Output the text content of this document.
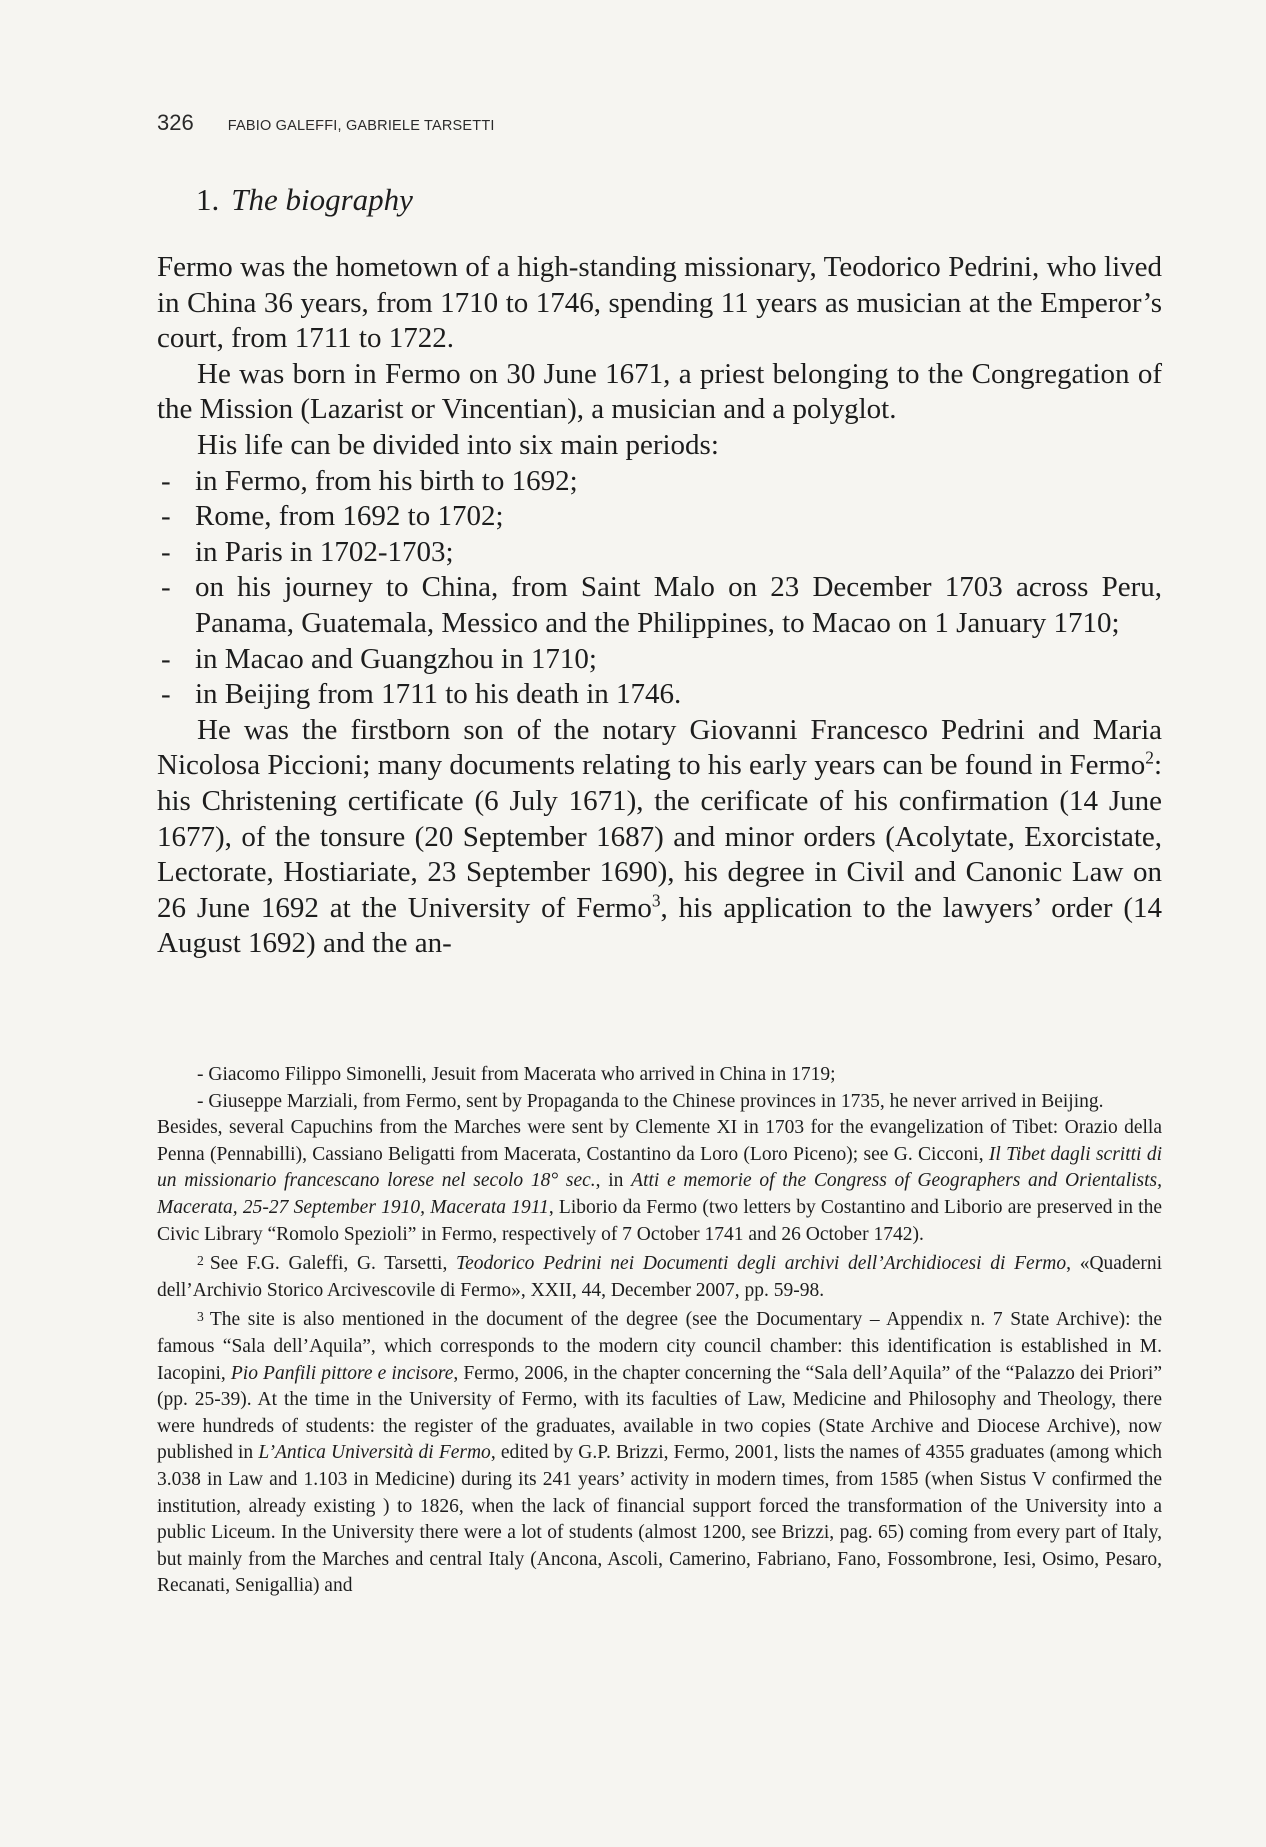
326 FABIO GALEFFI, GABRIELE TARSETTI
1. The biography

Fermo was the hometown of a high-standing missionary, Teodorico Pedrini, who lived in China 36 years, from 1710 to 1746, spending 11 years as musician at the Emperor’s court, from 1711 to 1722.

He was born in Fermo on 30 June 1671, a priest belonging to the Congregation of the Mission (Lazarist or Vincentian), a musician and a polyglot.

His life can be divided into six main periods:

- in Fermo, from his birth to 1692;
- Rome, from 1692 to 1702;
- in Paris in 1702-1703;
- on his journey to China, from Saint Malo on 23 December 1703 across Peru, Panama, Guatemala, Messico and the Philippines, to Macao on 1 January 1710;
- in Macao and Guangzhou in 1710;
- in Beijing from 1711 to his death in 1746.

He was the firstborn son of the notary Giovanni Francesco Pedrini and Maria Nicolosa Piccioni; many documents relating to his early years can be found in Fermo$^2$: his Christening certificate (6 July 1671), the cerificate of his confirmation (14 June 1677), of the tonsure (20 September 1687) and minor orders (Acolytate, Exorcistate, Lectorate, Hostiariate, 23 September 1690), his degree in Civil and Canonic Law on 26 June 1692 at the University of Fermo$^3$, his application to the lawyers’ order (14 August 1692) and the an-

- Giacomo Filippo Simonelli, Jesuit from Macerata who arrived in China in 1719;

- Giuseppe Marziali, from Fermo, sent by Propaganda to the Chinese provinces in 1735, he never arrived in Beijing.

Besides, several Capuchins from the Marches were sent by Clemente XI in 1703 for the evangelization of Tibet: Orazio della Penna (Pennabilli), Cassiano Beligatti from Macerata, Costantino da Loro (Loro Piceno); see G. Cicconi, Il Tibet dagli scritti di un missionario francescano lorese nel secolo 18° sec., in Atti e memorie of the Congress of Geographers and Orientalists, Macerata, 25-27 September 1910, Macerata 1911, Liborio da Fermo (two letters by Costantino and Liborio are preserved in the Civic Library “Romolo Spezioli” in Fermo, respectively of 7 October 1741 and 26 October 1742).

$^2$ See F.G. Galeffi, G. Tarsetti, Teodorico Pedrini nei Documenti degli archivi dell’Archidiocesi di Fermo, «Quaderni dell’Archivio Storico Arcivescovile di Fermo», XXII, 44, December 2007, pp. 59-98.

$^3$ The site is also mentioned in the document of the degree (see the Documentary – Appendix n. 7 State Archive): the famous “Sala dell’Aquila”, which corresponds to the modern city council chamber: this identification is established in M. Iacopini, Pio Panfili pittore e incisore, Fermo, 2006, in the chapter concerning the “Sala dell’Aquila” of the “Palazzo dei Priori” (pp. 25-39). At the time in the University of Fermo, with its faculties of Law, Medicine and Philosophy and Theology, there were hundreds of students: the register of the graduates, available in two copies (State Archive and Diocese Archive), now published in L’Antica Università di Fermo, edited by G.P. Brizzi, Fermo, 2001, lists the names of 4355 graduates (among which 3.038 in Law and 1.103 in Medicine) during its 241 years’ activity in modern times, from 1585 (when Sistus V confirmed the institution, already existing ) to 1826, when the lack of financial support forced the transformation of the University into a public Liceum. In the University there were a lot of students (almost 1200, see Brizzi, pag. 65) coming from every part of Italy, but mainly from the Marches and central Italy (Ancona, Ascoli, Camerino, Fabriano, Fano, Fossombrone, Iesi, Osimo, Pesaro, Recanati, Senigallia) and
